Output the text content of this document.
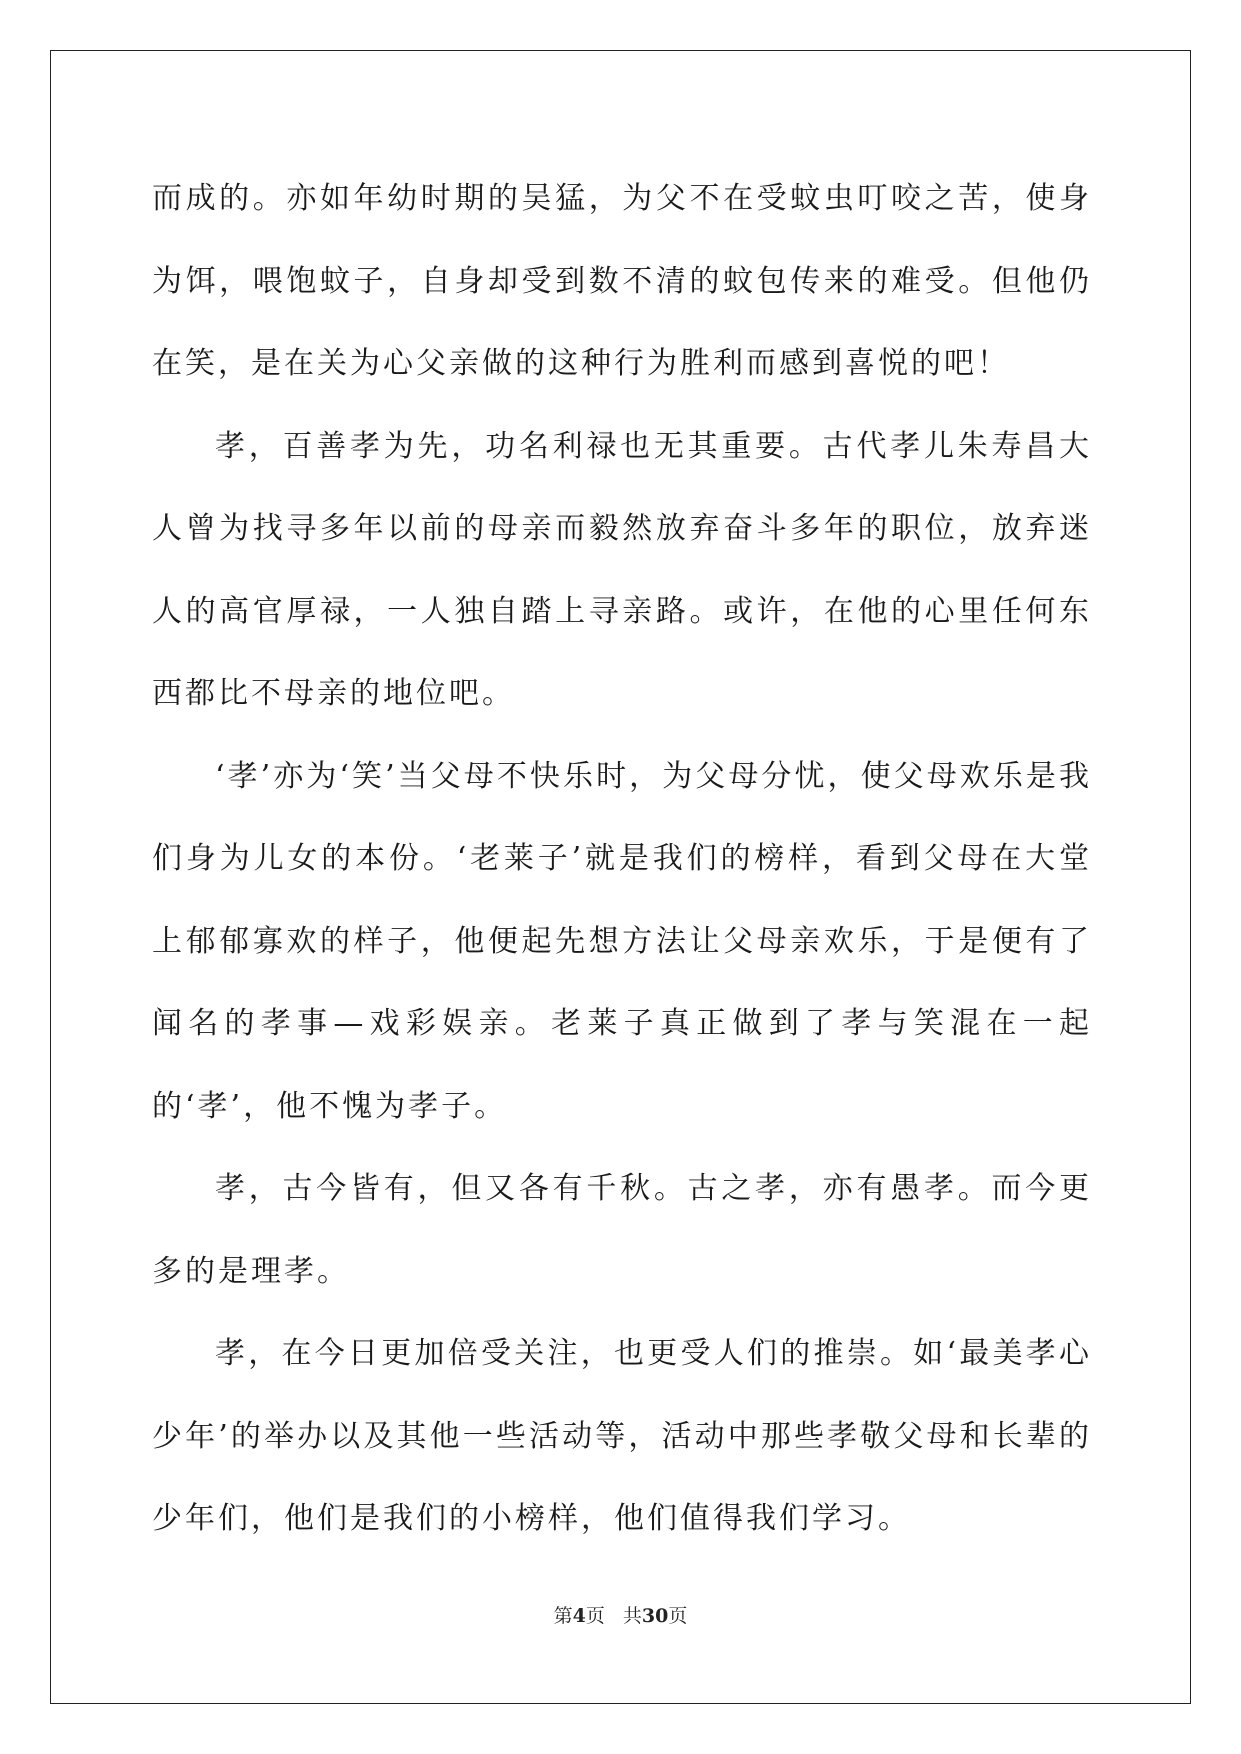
而成的。亦如年幼时期的吴猛，为父不在受蚊虫叮咬之苦，使身为饵，喂饱蚊子，自身却受到数不清的蚊包传来的难受。但他仍在笑，是在关为心父亲做的这种行为胜利而感到喜悦的吧！

孝，百善孝为先，功名利禄也无其重要。古代孝儿朱寿昌大人曾为找寻多年以前的母亲而毅然放弃奋斗多年的职位，放弃迷人的高官厚禄，一人独自踏上寻亲路。或许，在他的心里任何东西都比不母亲的地位吧。

‘孝’亦为‘笑’当父母不快乐时，为父母分忧，使父母欢乐是我们身为儿女的本份。‘老莱子’就是我们的榜样，看到父母在大堂上郁郁寡欢的样子，他便起先想方法让父母亲欢乐，于是便有了闻名的孝事—戏彩娱亲。老莱子真正做到了孝与笑混在一起的‘孝’，他不愧为孝子。

孝，古今皆有，但又各有千秋。古之孝，亦有愚孝。而今更多的是理孝。

孝，在今日更加倍受关注，也更受人们的推崇。如‘最美孝心少年’的举办以及其他一些活动等，活动中那些孝敬父母和长辈的少年们，他们是我们的小榜样，他们值得我们学习。

第4页 共30页
